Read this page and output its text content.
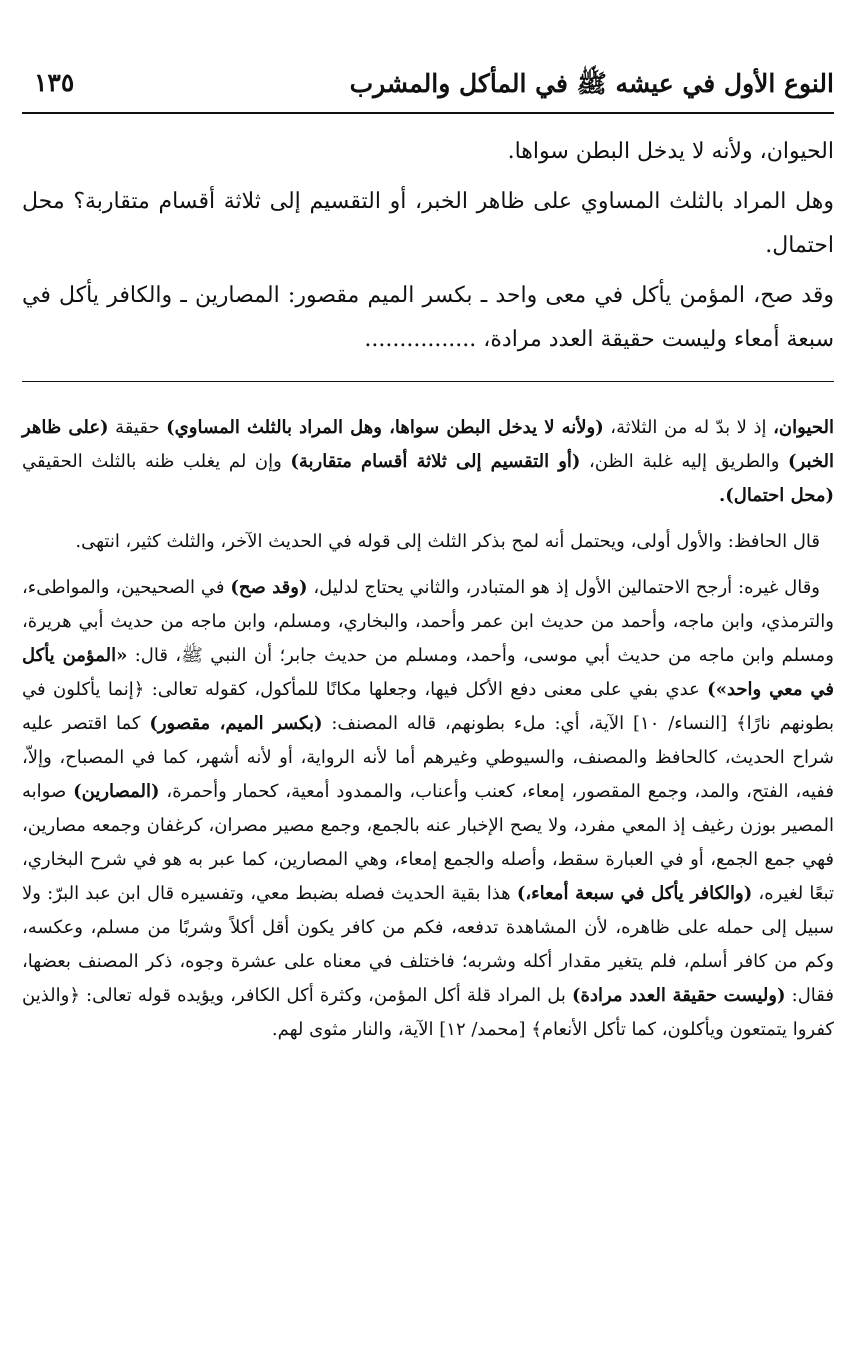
النوع الأول في عيشه ﷺ في المأكل والمشرب
١٣٥

الحيوان، ولأنه لا يدخل البطن سواها.

وهل المراد بالثلث المساوي على ظاهر الخبر، أو التقسيم إلى ثلاثة أقسام متقاربة؟ محل احتمال.

وقد صح، المؤمن يأكل في معى واحد ـ بكسر الميم مقصور: المصارين ـ والكافر يأكل في سبعة أمعاء وليست حقيقة العدد مرادة، ................

الحيوان، إذ لا بدّ له من الثلاثة، (ولأنه لا يدخل البطن سواها، وهل المراد بالثلث المساوي) حقيقة (على ظاهر الخبر) والطريق إليه غلبة الظن، (أو التقسيم إلى ثلاثة أقسام متقاربة) وإن لم يغلب ظنه بالثلث الحقيقي (محل احتمال).

قال الحافظ: والأول أولى، ويحتمل أنه لمح بذكر الثلث إلى قوله في الحديث الآخر، والثلث كثير، انتهى.

وقال غيره: أرجح الاحتمالين الأول إذ هو المتبادر، والثاني يحتاج لدليل، (وقد صح) في الصحيحين، والمواطىء، والترمذي، وابن ماجه، وأحمد من حديث ابن عمر وأحمد، والبخاري، ومسلم، وابن ماجه من حديث أبي هريرة، ومسلم وابن ماجه من حديث أبي موسى، وأحمد، ومسلم من حديث جابر؛ أن النبي ﷺ، قال: «المؤمن يأكل في معي واحد») عدي بفي على معنى دفع الأكل فيها، وجعلها مكانًا للمأكول، كقوله تعالى: ﴿إنما يأكلون في بطونهم نارًا﴾ [النساء/ ١٠] الآية، أي: ملء بطونهم، قاله المصنف: (بكسر الميم، مقصور) كما اقتصر عليه شراح الحديث، كالحافظ والمصنف، والسيوطي وغيرهم أما لأنه الرواية، أو لأنه أشهر، كما في المصباح، وإلاّ، ففيه، الفتح، والمد، وجمع المقصور، إمعاء، كعنب وأعناب، والممدود أمعية، كحمار وأحمرة، (المصارين) صوابه المصير بوزن رغيف إذ المعي مفرد، ولا يصح الإخبار عنه بالجمع، وجمع مصير مصران، كرغفان وجمعه مصارين، فهي جمع الجمع، أو في العبارة سقط، وأصله والجمع إمعاء، وهي المصارين، كما عبر به هو في شرح البخاري، تبعًا لغيره، (والكافر يأكل في سبعة أمعاء،) هذا بقية الحديث فصله بضبط معي، وتفسيره قال ابن عبد البرّ: ولا سبيل إلى حمله على ظاهره، لأن المشاهدة تدفعه، فكم من كافر يكون أقل أكلاً وشربًا من مسلم، وعكسه، وكم من كافر أسلم، فلم يتغير مقدار أكله وشربه؛ فاختلف في معناه على عشرة وجوه، ذكر المصنف بعضها، فقال: (وليست حقيقة العدد مرادة) بل المراد قلة أكل المؤمن، وكثرة أكل الكافر، ويؤيده قوله تعالى: ﴿والذين كفروا يتمتعون ويأكلون، كما تأكل الأنعام﴾ [محمد/ ١٢] الآية، والنار مثوى لهم.
